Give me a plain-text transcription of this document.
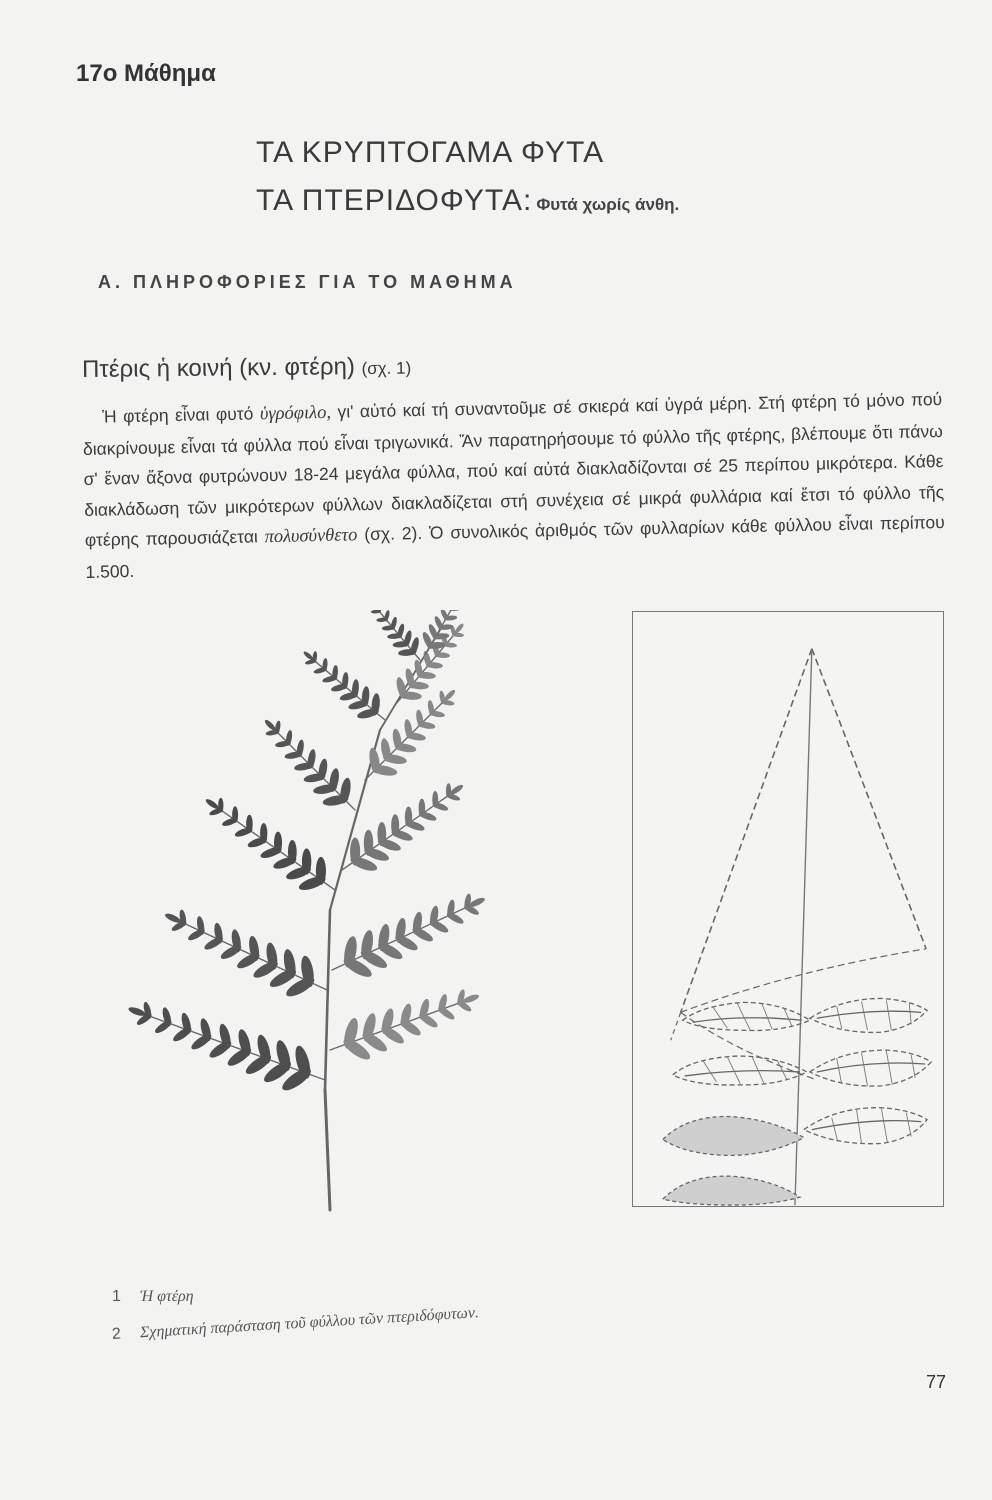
17ο Μάθημα
ΤΑ ΚΡΥΠΤΟΓΑΜΑ ΦΥΤΑ
ΤΑ ΠΤΕΡΙΔΟΦΥΤΑ: Φυτά χωρίς άνθη.
Α. ΠΛΗΡΟΦΟΡΙΕΣ ΓΙΑ ΤΟ ΜΑΘΗΜΑ
Πτέρις ἡ κοινή (κν. φτέρη) (σχ. 1)

Ἡ φτέρη εἶναι φυτό ὑγρόφιλο, γι' αὐτό καί τή συναντοῦμε σέ σκιερά καί ὑγρά μέρη. Στή φτέρη τό μόνο πού διακρίνουμε εἶναι τά φύλλα πού εἶναι τριγωνικά. Ἄν παρατηρήσουμε τό φύλλο τῆς φτέρης, βλέπουμε ὅτι πάνω σ' ἕναν ἄξονα φυτρώνουν 18-24 μεγάλα φύλλα, πού καί αὐτά διακλαδίζονται σέ 25 περίπου μικρότερα. Κάθε διακλάδωση τῶν μικρότερων φύλλων διακλαδίζεται στή συνέχεια σέ μικρά φυλλάρια καί ἔτσι τό φύλλο τῆς φτέρης παρουσιάζεται πολυσύνθετο (σχ. 2). Ὁ συνολικός ἀριθμός τῶν φυλλαρίων κάθε φύλλου εἶναι περίπου 1.500.

1 Ἡ φτέρη
2 Σχηματική παράσταση τοῦ φύλλου τῶν πτεριδόφυτων.
77
